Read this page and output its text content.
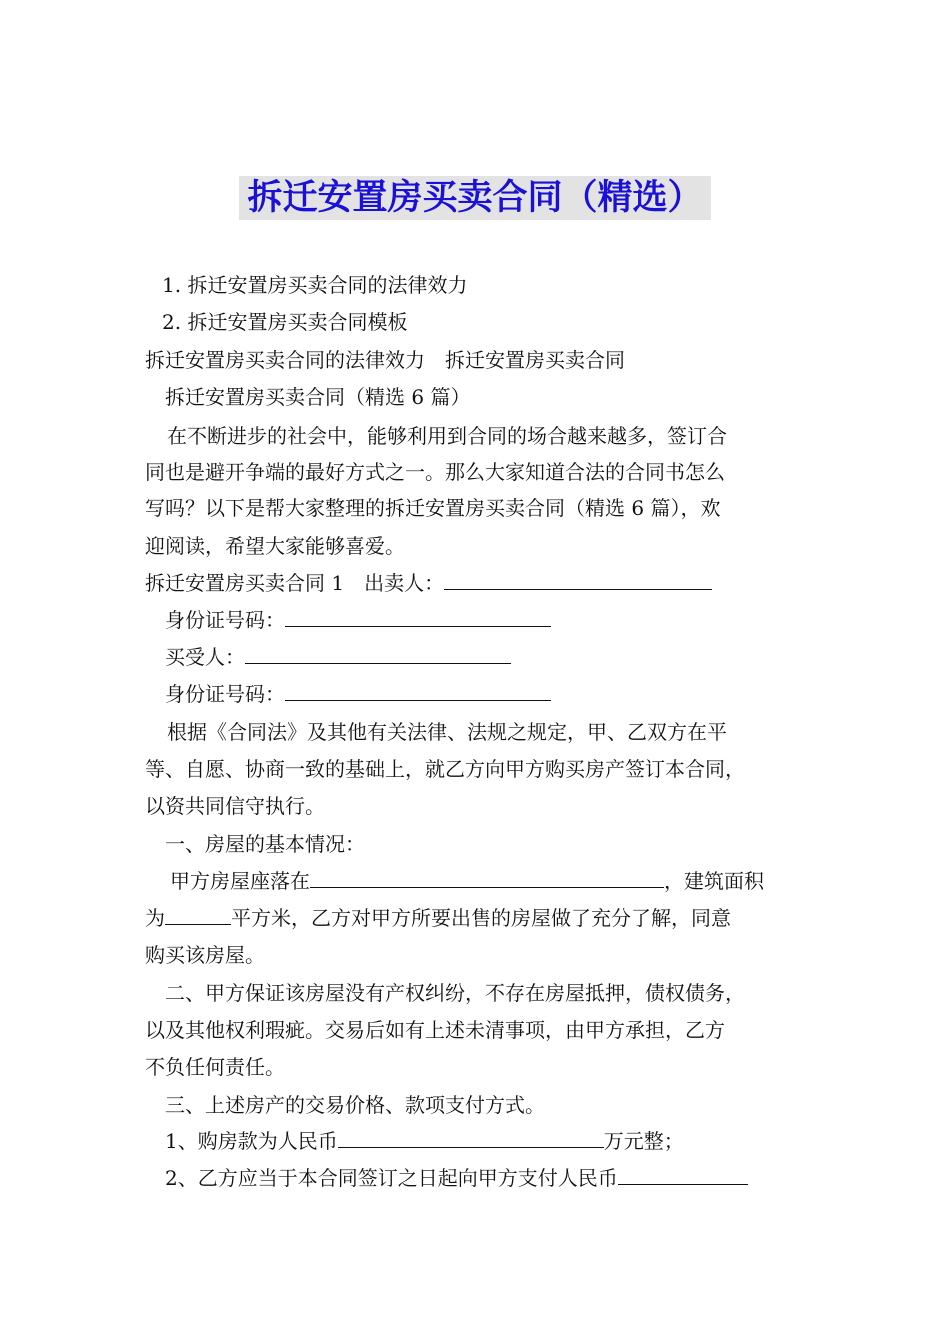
拆迁安置房买卖合同（精选）
1. 拆迁安置房买卖合同的法律效力
2. 拆迁安置房买卖合同模板
拆迁安置房买卖合同的法律效力　拆迁安置房买卖合同
拆迁安置房买卖合同（精选 6 篇）
在不断进步的社会中，能够利用到合同的场合越来越多，签订合
同也是避开争端的最好方式之一。那么大家知道合法的合同书怎么
写吗？以下是帮大家整理的拆迁安置房买卖合同（精选 6 篇），欢
迎阅读，希望大家能够喜爱。
拆迁安置房买卖合同 1　出卖人：
身份证号码：
买受人：
身份证号码：
根据《合同法》及其他有关法律、法规之规定，甲、乙双方在平
等、自愿、协商一致的基础上，就乙方向甲方购买房产签订本合同，
以资共同信守执行。
一、房屋的基本情况：
甲方房屋座落在	，建筑面积
为	平方米，乙方对甲方所要出售的房屋做了充分了解，同意
购买该房屋。
二、甲方保证该房屋没有产权纠纷，不存在房屋抵押，债权债务，
以及其他权利瑕疵。交易后如有上述未清事项，由甲方承担，乙方
不负任何责任。
三、上述房产的交易价格、款项支付方式。
1、购房款为人民币	万元整；
2、乙方应当于本合同签订之日起向甲方支付人民币
